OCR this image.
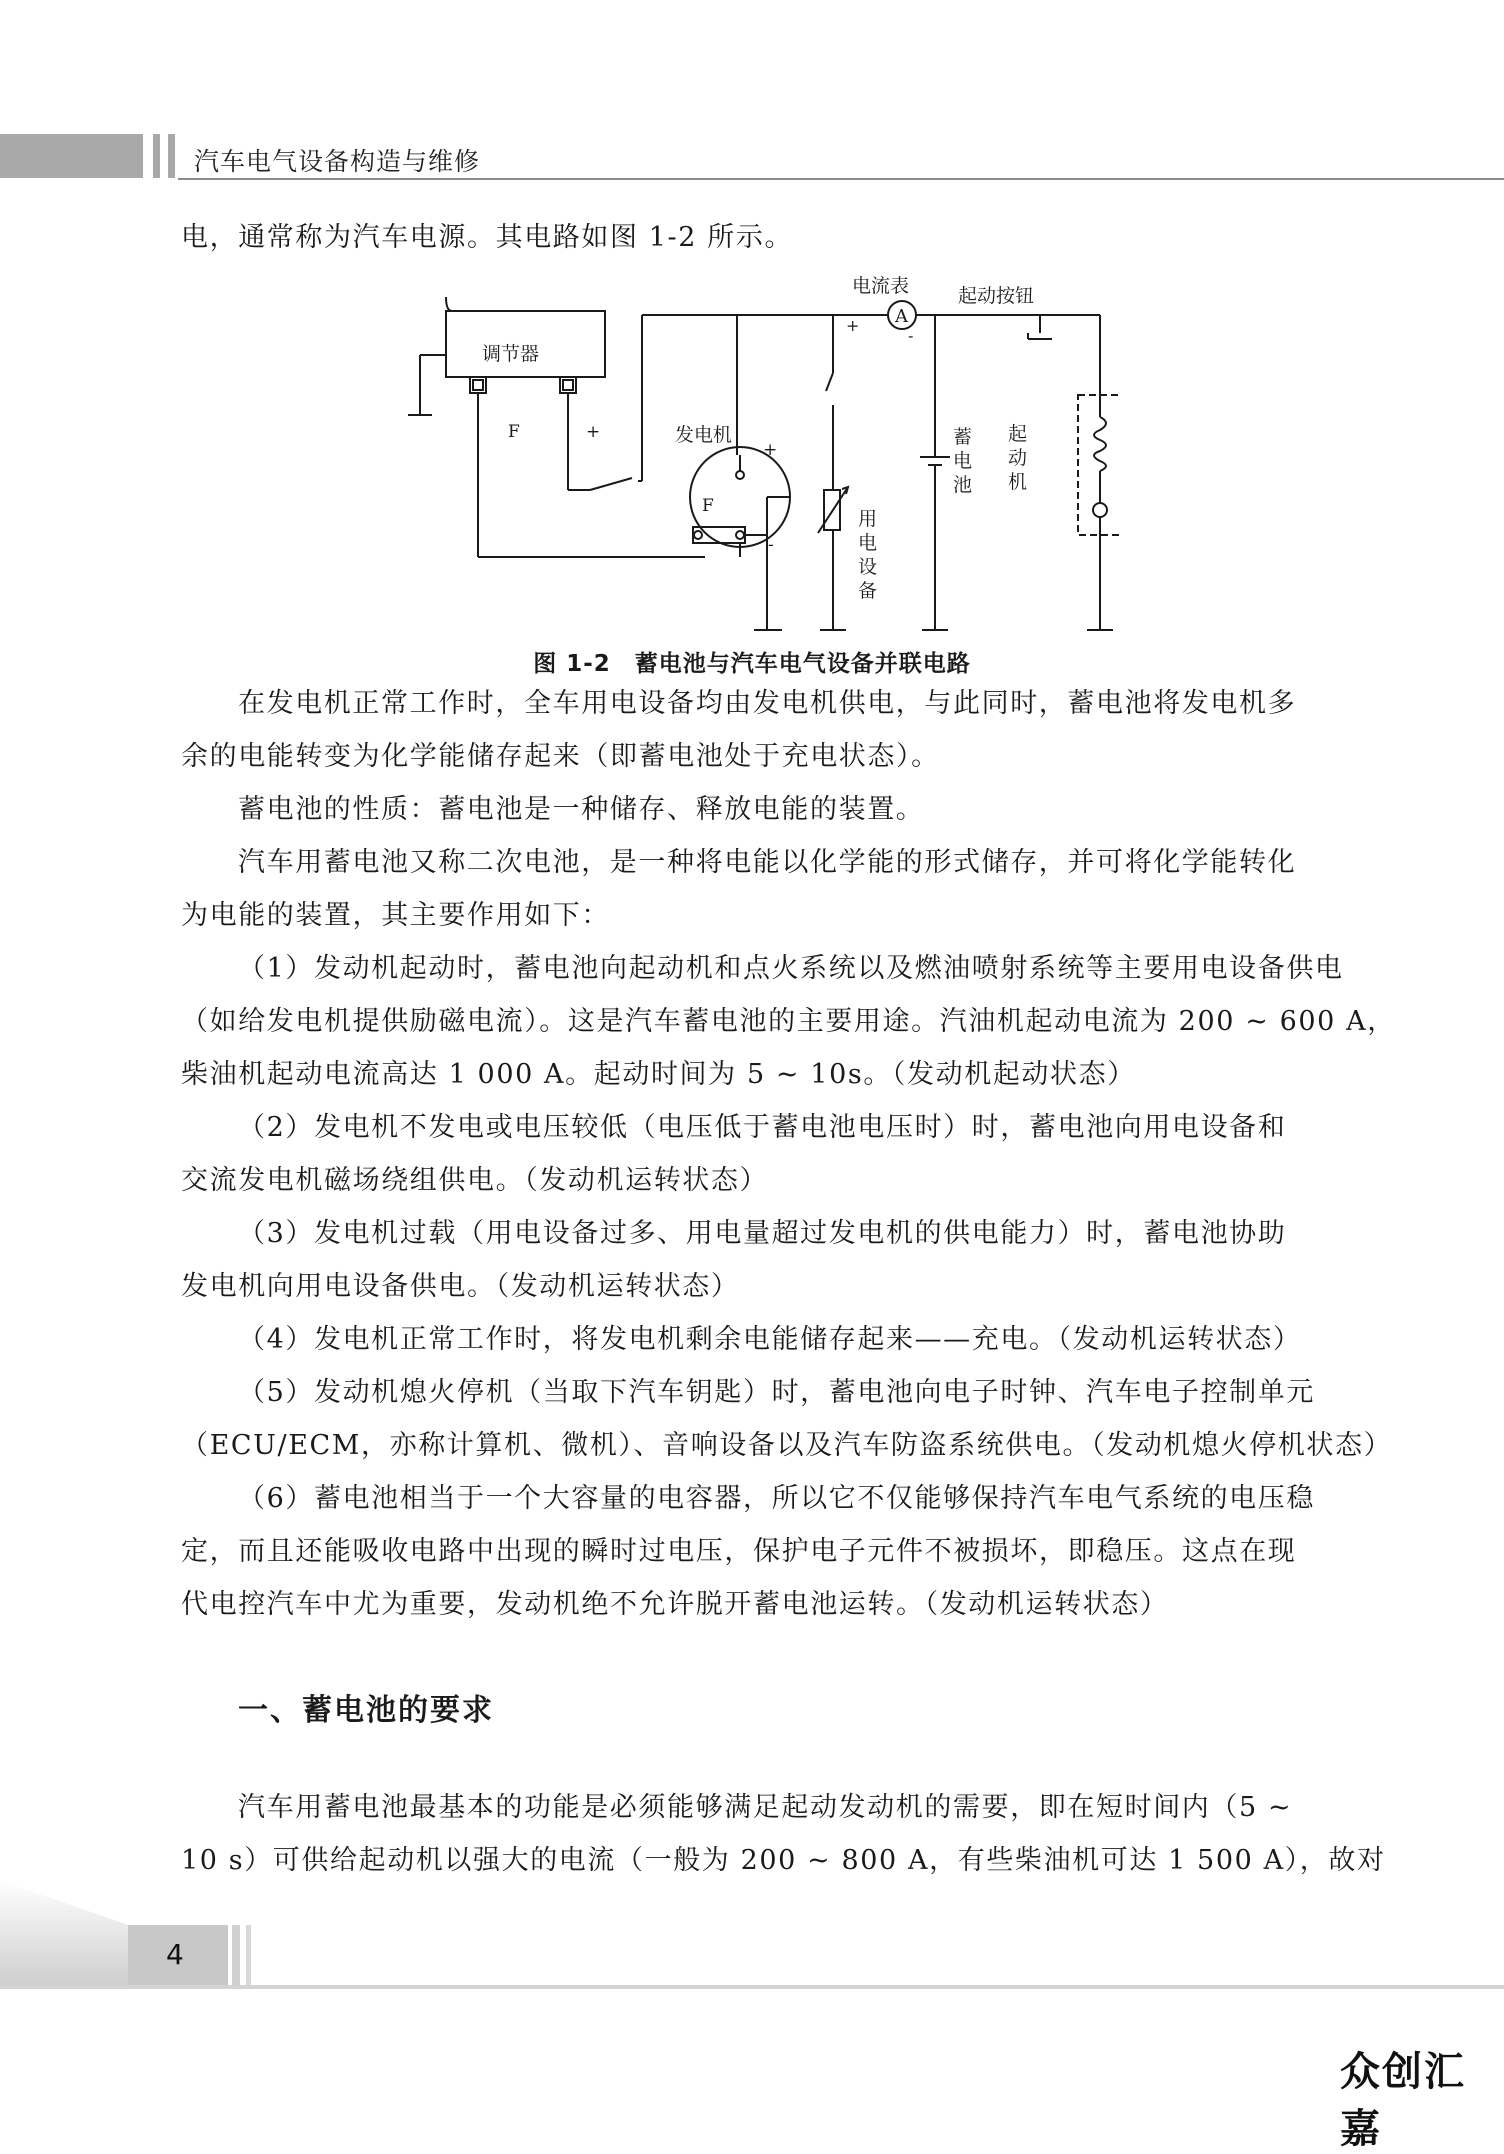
汽车电气设备构造与维修

电，通常称为汽车电源。其电路如图 1-2 所示。

调节器
F	+	发电机
+
F
-
电流表
A
+
-
起动按钮
蓄 电 池
起 动 机
用 电 设 备
图 1-2　蓄电池与汽车电气设备并联电路

在发电机正常工作时，全车用电设备均由发电机供电，与此同时，蓄电池将发电机多

余的电能转变为化学能储存起来（即蓄电池处于充电状态）。

蓄电池的性质：蓄电池是一种储存、释放电能的装置。

汽车用蓄电池又称二次电池，是一种将电能以化学能的形式储存，并可将化学能转化

为电能的装置，其主要作用如下：

（1）发动机起动时，蓄电池向起动机和点火系统以及燃油喷射系统等主要用电设备供电

（如给发电机提供励磁电流）。这是汽车蓄电池的主要用途。汽油机起动电流为 200 ~ 600 A，

柴油机起动电流高达 1 000 A。起动时间为 5 ~ 10s。（发动机起动状态）

（2）发电机不发电或电压较低（电压低于蓄电池电压时）时，蓄电池向用电设备和

交流发电机磁场绕组供电。（发动机运转状态）

（3）发电机过载（用电设备过多、用电量超过发电机的供电能力）时，蓄电池协助

发电机向用电设备供电。（发动机运转状态）

（4）发电机正常工作时，将发电机剩余电能储存起来——充电。（发动机运转状态）

（5）发动机熄火停机（当取下汽车钥匙）时，蓄电池向电子时钟、汽车电子控制单元

（ECU/ECM，亦称计算机、微机）、音响设备以及汽车防盗系统供电。（发动机熄火停机状态）

（6）蓄电池相当于一个大容量的电容器，所以它不仅能够保持汽车电气系统的电压稳

定，而且还能吸收电路中出现的瞬时过电压，保护电子元件不被损坏，即稳压。这点在现

代电控汽车中尤为重要，发动机绝不允许脱开蓄电池运转。（发动机运转状态）

一、蓄电池的要求

汽车用蓄电池最基本的功能是必须能够满足起动发动机的需要，即在短时间内（5 ~

10 s）可供给起动机以强大的电流（一般为 200 ~ 800 A，有些柴油机可达 1 500 A），故对

4
众创汇嘉
